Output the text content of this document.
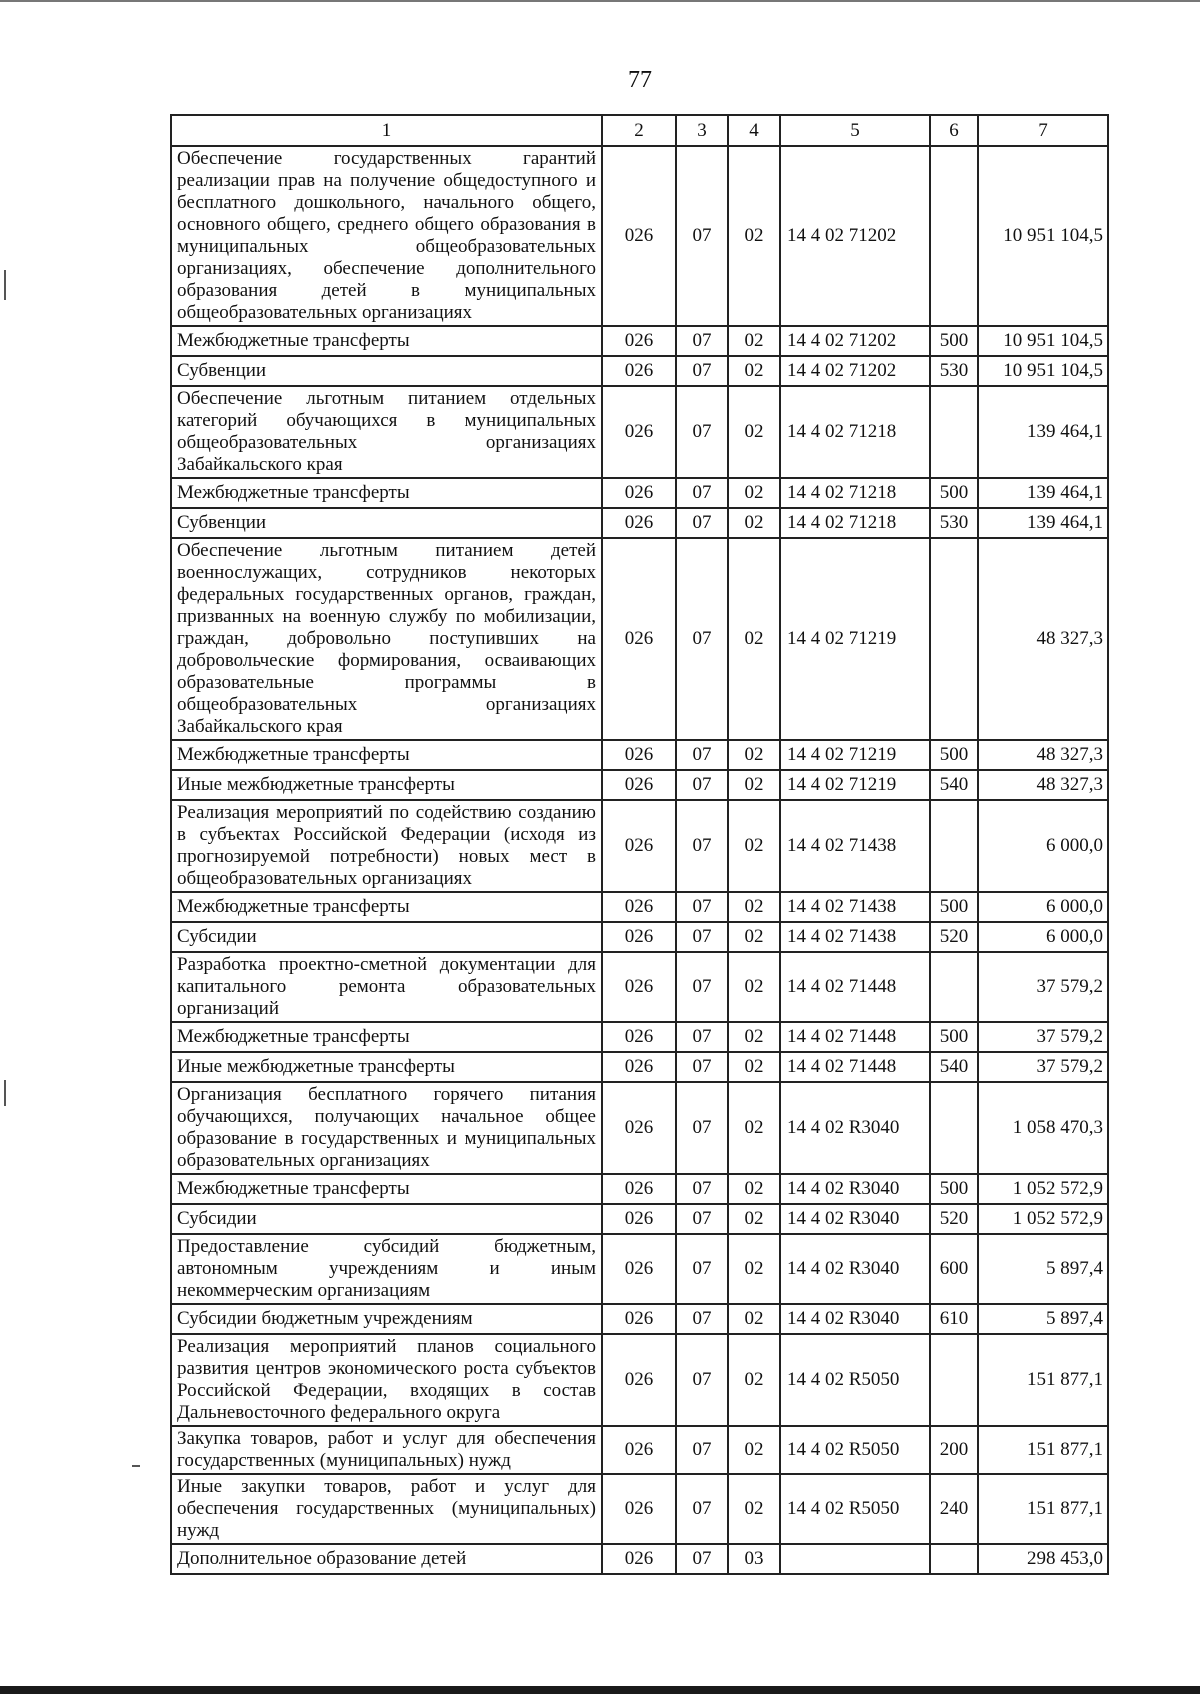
77
1	2	3	4	5	6	7
Обеспечение государственных гарантий реализации прав на получение общедоступного и бесплатного дошкольного, начального общего, основного общего, среднего общего образования в муниципальных общеобразовательных организациях, обеспечение дополнительного образования детей в муниципальных общеобразовательных организациях	026	07	02	14 4 02 71202		10 951 104,5
Межбюджетные трансферты	026	07	02	14 4 02 71202	500	10 951 104,5
Субвенции	026	07	02	14 4 02 71202	530	10 951 104,5
Обеспечение льготным питанием отдельных категорий обучающихся в муниципальных общеобразовательных организациях Забайкальского края	026	07	02	14 4 02 71218		139 464,1
Межбюджетные трансферты	026	07	02	14 4 02 71218	500	139 464,1
Субвенции	026	07	02	14 4 02 71218	530	139 464,1
Обеспечение льготным питанием детей военнослужащих, сотрудников некоторых федеральных государственных органов, граждан, призванных на военную службу по мобилизации, граждан, добровольно поступивших на добровольческие формирования, осваивающих образовательные программы в общеобразовательных организациях Забайкальского края	026	07	02	14 4 02 71219		48 327,3
Межбюджетные трансферты	026	07	02	14 4 02 71219	500	48 327,3
Иные межбюджетные трансферты	026	07	02	14 4 02 71219	540	48 327,3
Реализация мероприятий по содействию созданию в субъектах Российской Федерации (исходя из прогнозируемой потребности) новых мест в общеобразовательных организациях	026	07	02	14 4 02 71438		6 000,0
Межбюджетные трансферты	026	07	02	14 4 02 71438	500	6 000,0
Субсидии	026	07	02	14 4 02 71438	520	6 000,0
Разработка проектно-сметной документации для капитального ремонта образовательных организаций	026	07	02	14 4 02 71448		37 579,2
Межбюджетные трансферты	026	07	02	14 4 02 71448	500	37 579,2
Иные межбюджетные трансферты	026	07	02	14 4 02 71448	540	37 579,2
Организация бесплатного горячего питания обучающихся, получающих начальное общее образование в государственных и муниципальных образовательных организациях	026	07	02	14 4 02 R3040		1 058 470,3
Межбюджетные трансферты	026	07	02	14 4 02 R3040	500	1 052 572,9
Субсидии	026	07	02	14 4 02 R3040	520	1 052 572,9
Предоставление субсидий бюджетным, автономным учреждениям и иным некоммерческим организациям	026	07	02	14 4 02 R3040	600	5 897,4
Субсидии бюджетным учреждениям	026	07	02	14 4 02 R3040	610	5 897,4
Реализация мероприятий планов социального развития центров экономического роста субъектов Российской Федерации, входящих в состав Дальневосточного федерального округа	026	07	02	14 4 02 R5050		151 877,1
Закупка товаров, работ и услуг для обеспечения государственных (муниципальных) нужд	026	07	02	14 4 02 R5050	200	151 877,1
Иные закупки товаров, работ и услуг для обеспечения государственных (муниципальных) нужд	026	07	02	14 4 02 R5050	240	151 877,1
Дополнительное образование детей	026	07	03			298 453,0
